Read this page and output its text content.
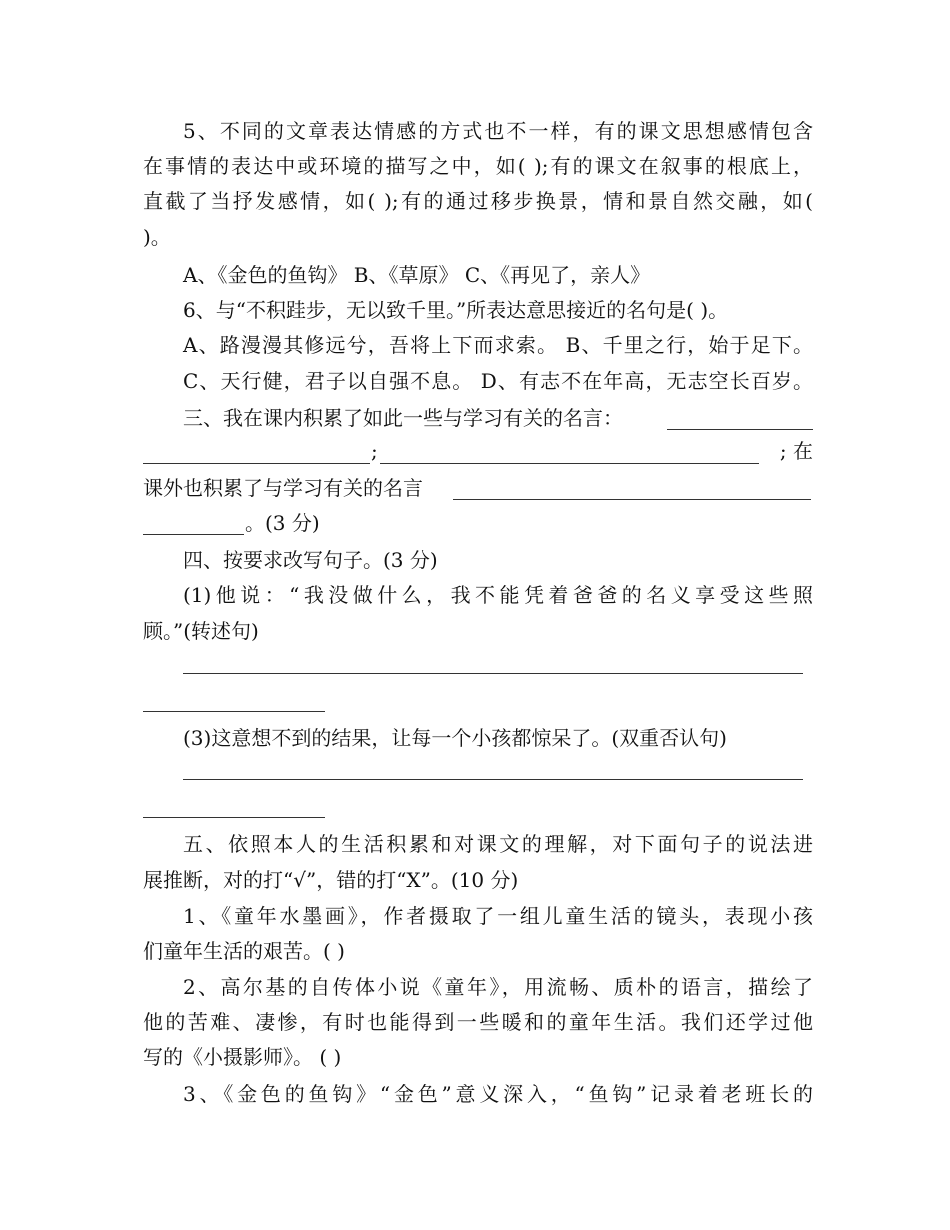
5、不同的文章表达情感的方式也不一样，有的课文思想感情包含
在事情的表达中或环境的描写之中，如( );有的课文在叙事的根底上，
直截了当抒发感情，如( );有的通过移步换景，情和景自然交融，如(
)。
A、《金色的鱼钩》 B、《草原》 C、《再见了，亲人》
6、与“不积跬步，无以致千里。”所表达意思接近的名句是( )。
A、路漫漫其修远兮，吾将上下而求索。 B、千里之行，始于足下。
C、天行健，君子以自强不息。 D、有志不在年高，无志空长百岁。
三、我在课内积累了如此一些与学习有关的名言：
;	; 在
课外也积累了与学习有关的名言
。(3 分)
四、按要求改写句子。(3 分)
(1)他说：“我没做什么，我不能凭着爸爸的名义享受这些照
顾。”(转述句)
(3)这意想不到的结果，让每一个小孩都惊呆了。(双重否认句)
五、依照本人的生活积累和对课文的理解，对下面句子的说法进
展推断，对的打“√”，错的打“X”。(10 分)
1、《童年水墨画》，作者摄取了一组儿童生活的镜头，表现小孩
们童年生活的艰苦。( )
2、高尔基的自传体小说《童年》，用流畅、质朴的语言，描绘了
他的苦难、凄惨，有时也能得到一些暖和的童年生活。我们还学过他
写的《小摄影师》。 ( )
3、《金色的鱼钩》“金色”意义深入，“鱼钩”记录着老班长的
